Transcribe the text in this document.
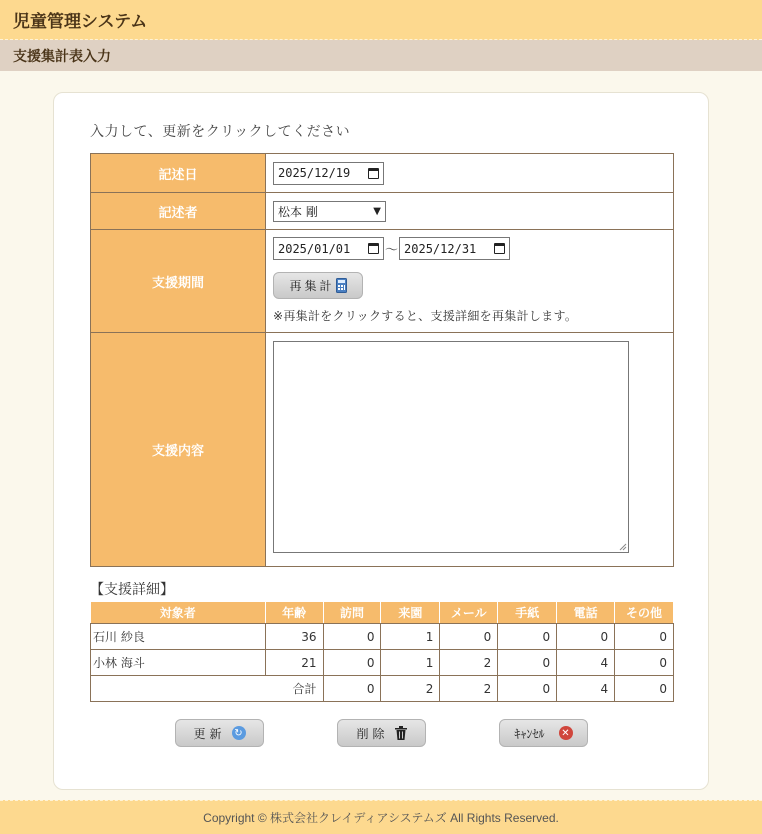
児童管理システム
支援集計表入力
入力して、更新をクリックしてください
記述日	2025/12/19

記述者	松本 剛 ▼

支援期間	2025/01/01 〜 2025/12/31
再集計
※再集計をクリックすると、支援詳細を再集計します。

支援内容	
【支援詳細】
対象者	年齢	訪問	来園	メール	手紙	電話	その他
石川 紗良	36	0	1	0	0	0	0
小林 海斗	21	0	1	2	0	4	0
合計		0	2	2	0	4	0
更新 ↻	削除	ｷｬﾝｾﾙ ✕
Copyright © 株式会社クレイディアシステムズ All Rights Reserved.
